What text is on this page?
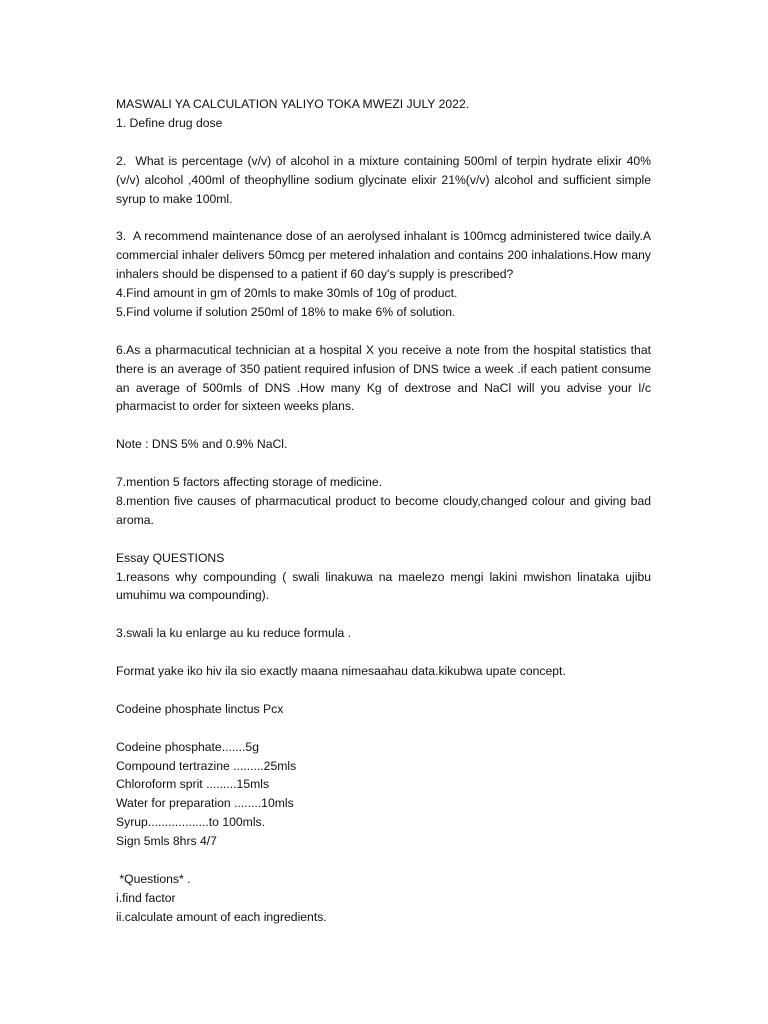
MASWALI YA CALCULATION YALIYO TOKA MWEZI JULY 2022.

1. Define drug dose

2.  What is percentage (v/v) of alcohol in a mixture containing 500ml of terpin hydrate elixir 40% (v/v) alcohol ,400ml of theophylline sodium glycinate elixir 21%(v/v) alcohol and sufficient simple syrup to make 100ml.

3.  A recommend maintenance dose of an aerolysed inhalant is 100mcg administered twice daily.A commercial inhaler delivers 50mcg per metered inhalation and contains 200 inhalations.How many inhalers should be dispensed to a patient if 60 day's supply is prescribed?

4.Find amount in gm of 20mls to make 30mls of 10g of product.

5.Find volume if solution 250ml of 18% to make 6% of solution.

6.As a pharmacutical technician at a hospital X you receive a note from the hospital statistics that there is an average of 350 patient required infusion of DNS twice a week .if each patient consume an average of 500mls of DNS .How many Kg of dextrose and NaCl will you advise your I/c pharmacist to order for sixteen weeks plans.

Note : DNS 5% and 0.9% NaCl.

7.mention 5 factors affecting storage of medicine.

8.mention five causes of pharmacutical product to become cloudy,changed colour and giving bad aroma.

Essay QUESTIONS

1.reasons why compounding ( swali linakuwa na maelezo mengi lakini mwishon linataka ujibu umuhimu wa compounding).

3.swali la ku enlarge au ku reduce formula .

Format yake iko hiv ila sio exactly maana nimesaahau data.kikubwa upate concept.

Codeine phosphate linctus Pcx

Codeine phosphate.......5g

Compound tertrazine .........25mls

Chloroform sprit .........15mls

Water for preparation ........10mls

Syrup..................to 100mls.

Sign 5mls 8hrs 4/7

*Questions* .

i.find factor

ii.calculate amount of each ingredients.
